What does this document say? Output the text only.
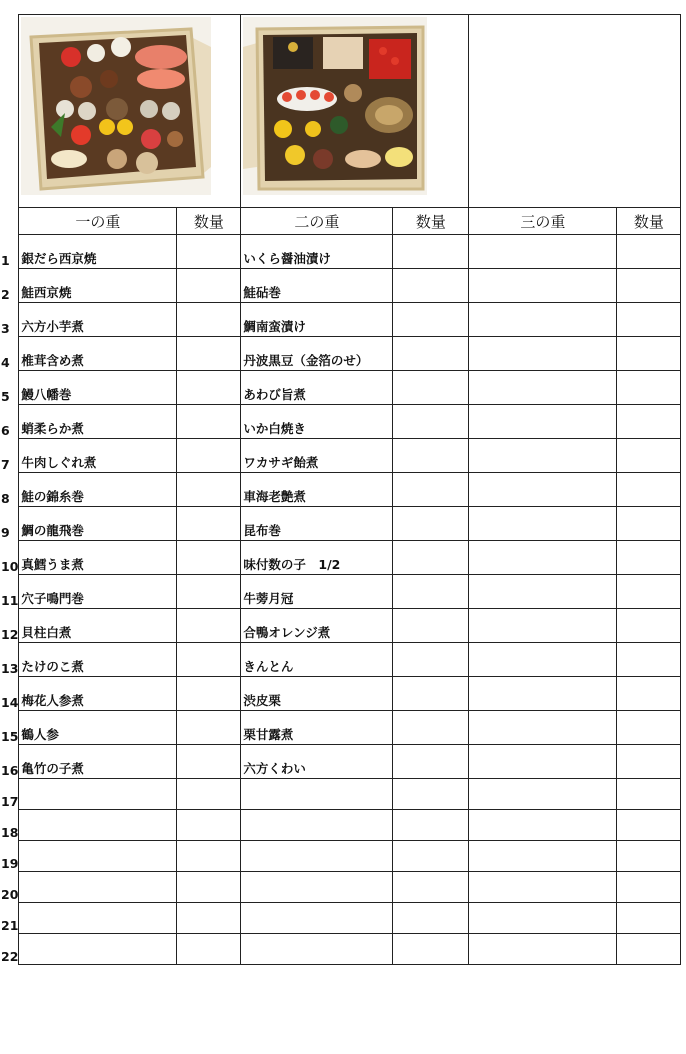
	一の重	数量	二の重	数量	三の重	数量
1	銀だら西京焼		いくら醤油漬け			
2	鮭西京焼		鮭砧巻			
3	六方小芋煮		鯛南蛮漬け			
4	椎茸含め煮		丹波黒豆（金箔のせ）			
5	鰻八幡巻		あわび旨煮			
6	蛸柔らか煮		いか白焼き			
7	牛肉しぐれ煮		ワカサギ飴煮			
8	鮭の錦糸巻		車海老艶煮			
9	鯛の龍飛巻		昆布巻			
10	真鱈うま煮		味付数の子　1/2			
11	穴子鳴門巻		牛蒡月冠			
12	貝柱白煮		合鴨オレンジ煮			
13	たけのこ煮		きんとん			
14	梅花人参煮		渋皮栗			
15	鶴人参		栗甘露煮			
16	亀竹の子煮		六方くわい			
17						
18						
19						
20						
21						
22						
